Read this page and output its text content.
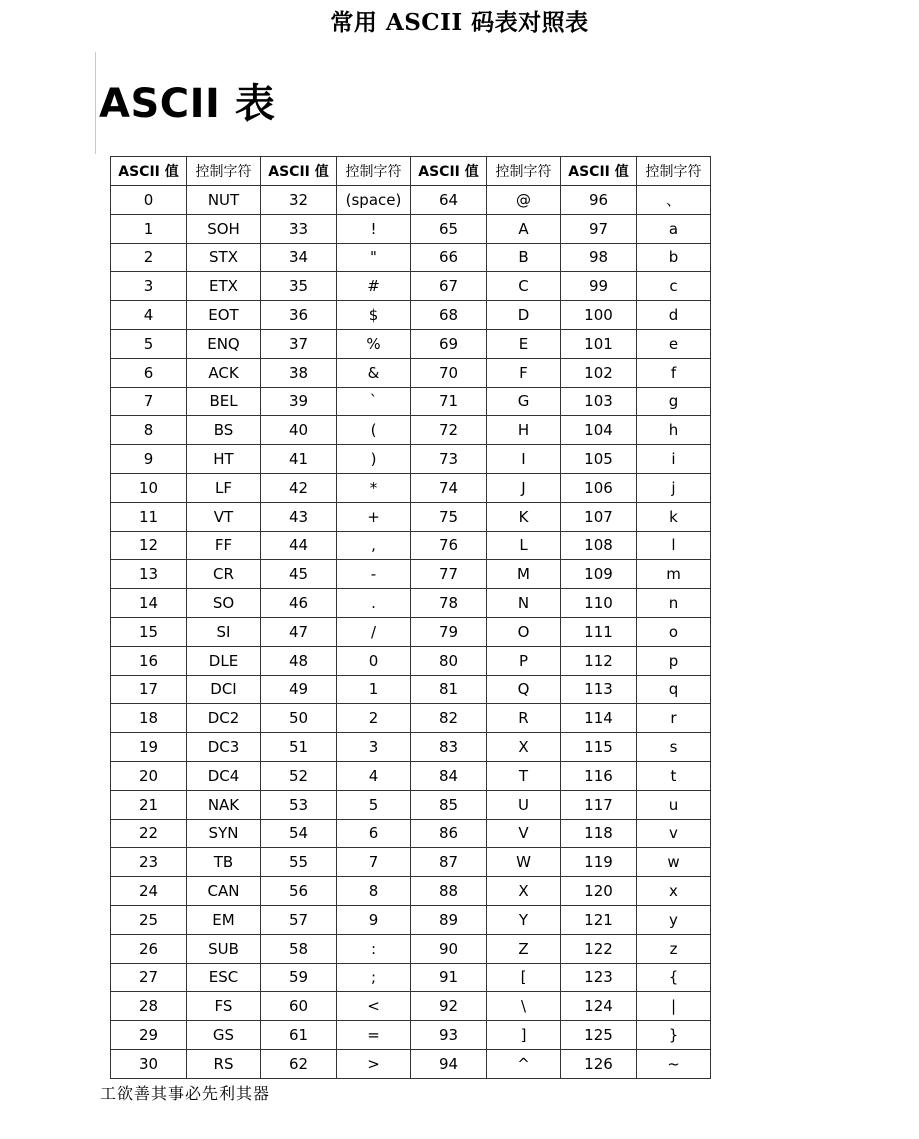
常用 ASCII 码表对照表
ASCII 表
ASCII 值	控制字符	ASCII 值	控制字符	ASCII 值	控制字符	ASCII 值	控制字符
0	NUT	32	(space)	64	@	96	、
1	SOH	33	!	65	A	97	a
2	STX	34	"	66	B	98	b
3	ETX	35	#	67	C	99	c
4	EOT	36	$	68	D	100	d
5	ENQ	37	%	69	E	101	e
6	ACK	38	&	70	F	102	f
7	BEL	39	`	71	G	103	g
8	BS	40	(	72	H	104	h
9	HT	41	)	73	I	105	i
10	LF	42	*	74	J	106	j
11	VT	43	+	75	K	107	k
12	FF	44	,	76	L	108	l
13	CR	45	-	77	M	109	m
14	SO	46	.	78	N	110	n
15	SI	47	/	79	O	111	o
16	DLE	48	0	80	P	112	p
17	DCI	49	1	81	Q	113	q
18	DC2	50	2	82	R	114	r
19	DC3	51	3	83	X	115	s
20	DC4	52	4	84	T	116	t
21	NAK	53	5	85	U	117	u
22	SYN	54	6	86	V	118	v
23	TB	55	7	87	W	119	w
24	CAN	56	8	88	X	120	x
25	EM	57	9	89	Y	121	y
26	SUB	58	:	90	Z	122	z
27	ESC	59	;	91	[	123	{
28	FS	60	<	92	\	124	|
29	GS	61	=	93	]	125	}
30	RS	62	>	94	^	126	~
工欲善其事必先利其器
